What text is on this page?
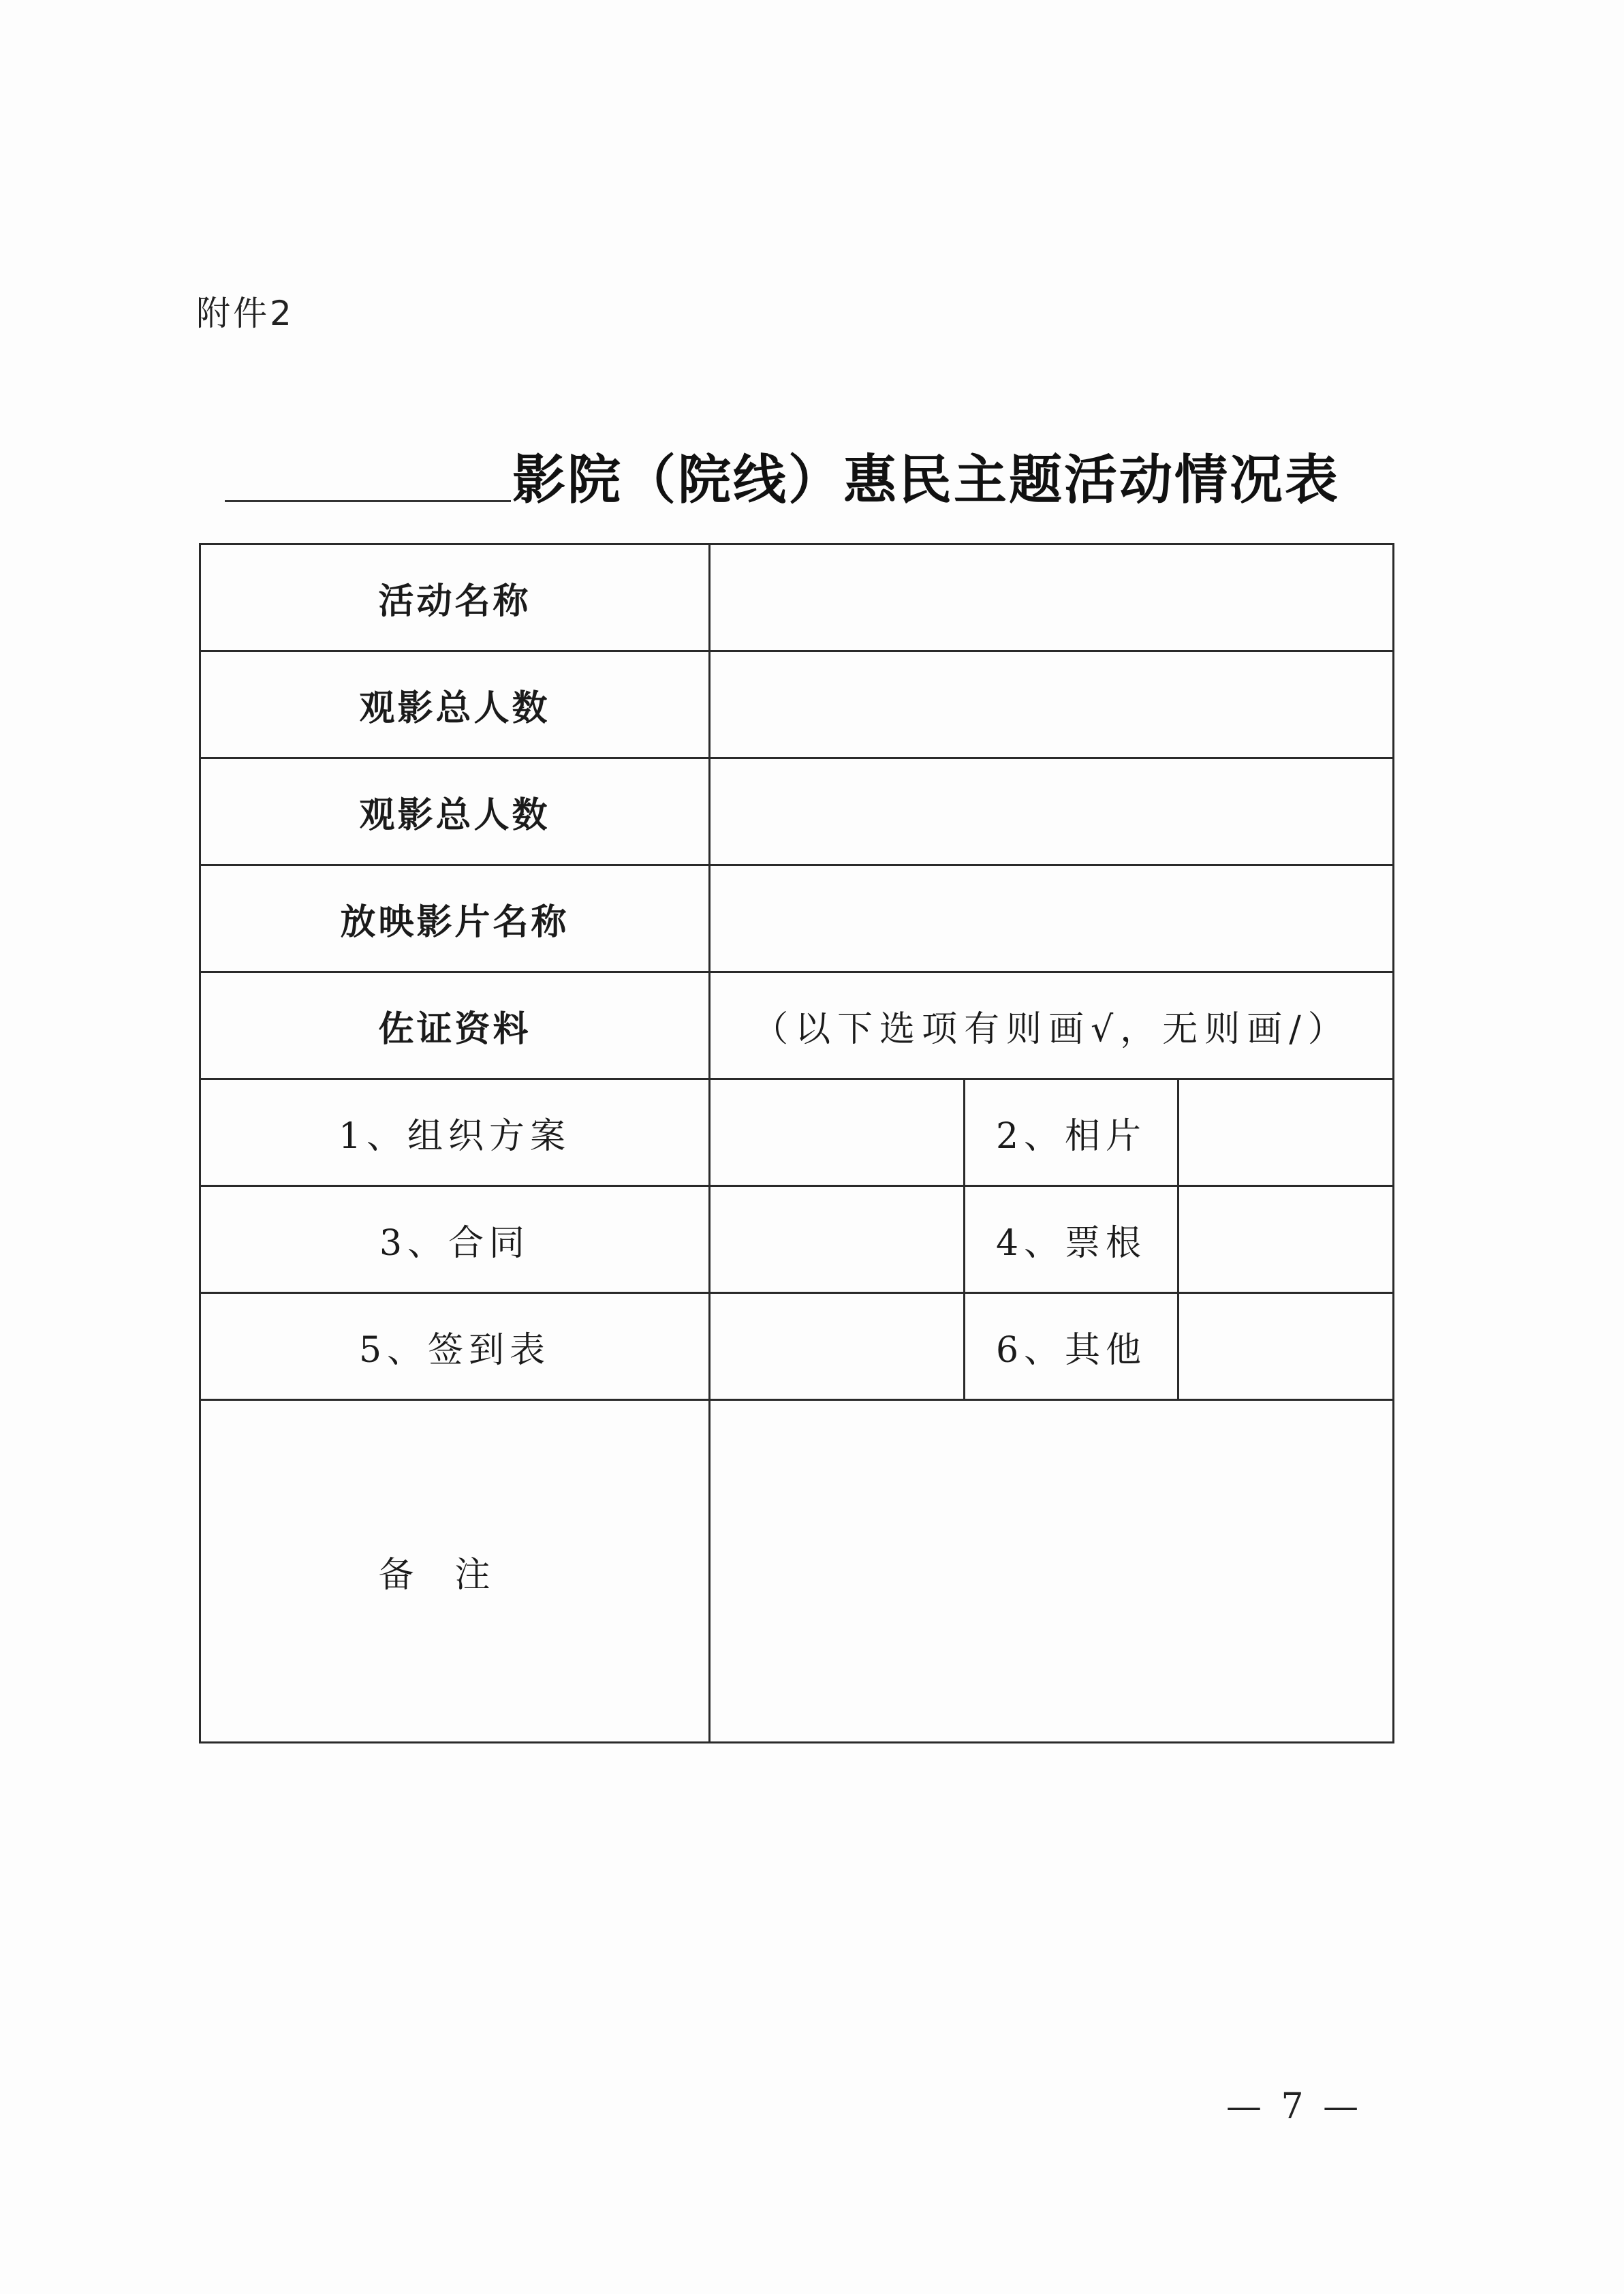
附件2
影院（院线）惠民主题活动情况表
活动名称			
观影总人数			
观影总人数			
放映影片名称			
佐证资料	（以下选项有则画√，无则画/）		
1、组织方案		2、相片	
3、合同		4、票根	
5、签到表		6、其他	
备注			
— 7 —
